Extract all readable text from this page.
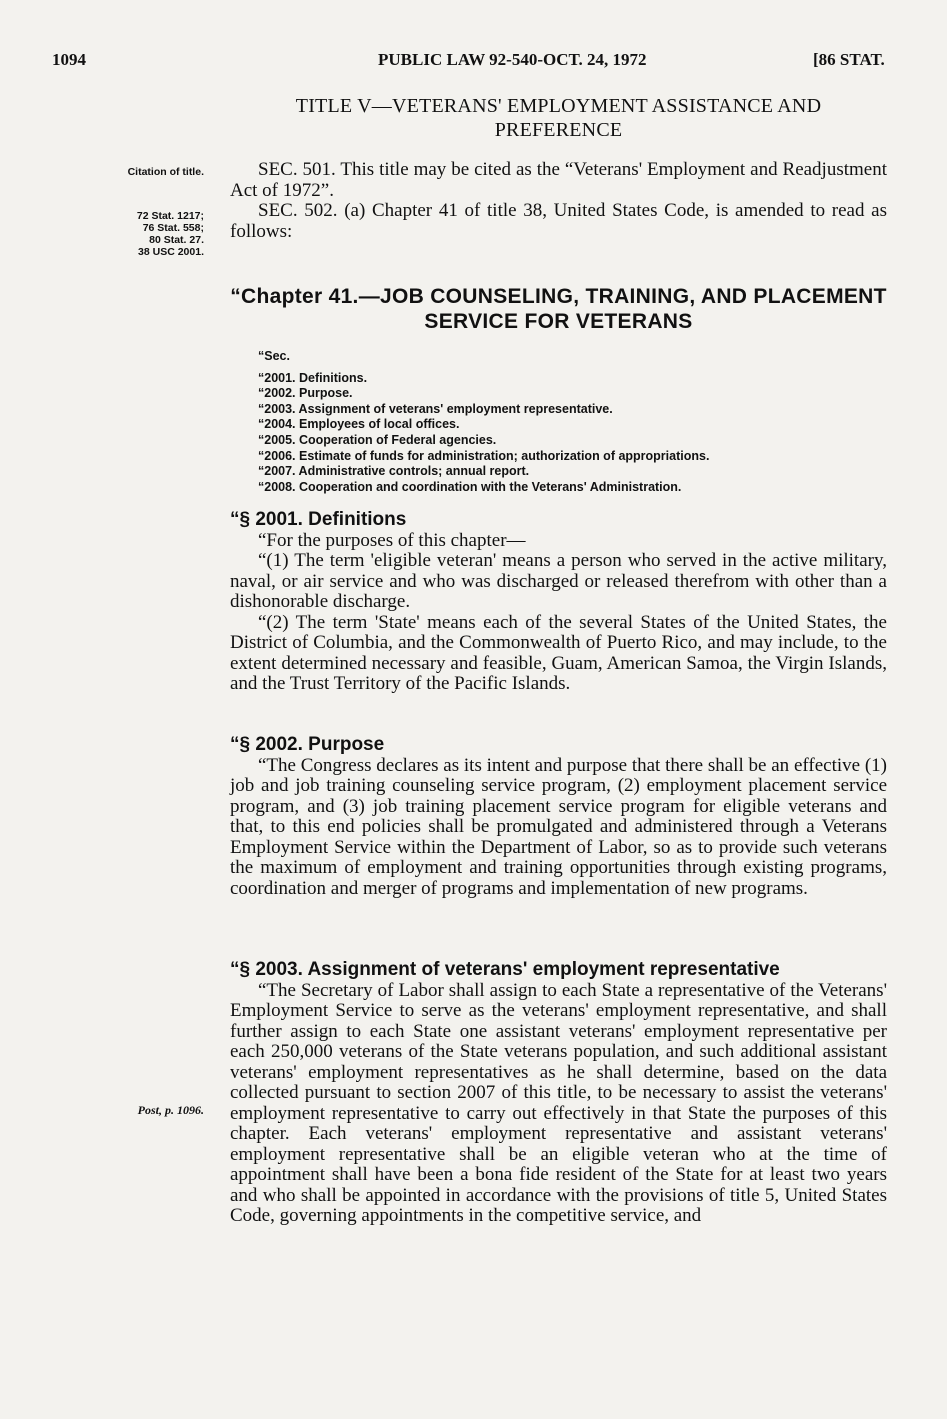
1094	PUBLIC LAW 92-540-OCT. 24, 1972	[86 STAT.
Citation of title.
72 Stat. 1217;
76 Stat. 558;
80 Stat. 27.
38 USC 2001.
Post, p. 1096.
TITLE V—VETERANS' EMPLOYMENT ASSISTANCE AND PREFERENCE

SEC. 501. This title may be cited as the “Veterans' Employment and Readjustment Act of 1972”.

SEC. 502. (a) Chapter 41 of title 38, United States Code, is amended to read as follows:

“Chapter 41.—JOB COUNSELING, TRAINING, AND PLACEMENT SERVICE FOR VETERANS
“Sec.
“2001. Definitions.
“2002. Purpose.
“2003. Assignment of veterans' employment representative.
“2004. Employees of local offices.
“2005. Cooperation of Federal agencies.
“2006. Estimate of funds for administration; authorization of appropriations.
“2007. Administrative controls; annual report.
“2008. Cooperation and coordination with the Veterans' Administration.

“§ 2001. Definitions

“For the purposes of this chapter—

“(1) The term 'eligible veteran' means a person who served in the active military, naval, or air service and who was discharged or released therefrom with other than a dishonorable discharge.

“(2) The term 'State' means each of the several States of the United States, the District of Columbia, and the Commonwealth of Puerto Rico, and may include, to the extent determined necessary and feasible, Guam, American Samoa, the Virgin Islands, and the Trust Territory of the Pacific Islands.

“§ 2002. Purpose

“The Congress declares as its intent and purpose that there shall be an effective (1) job and job training counseling service program, (2) employment placement service program, and (3) job training placement service program for eligible veterans and that, to this end policies shall be promulgated and administered through a Veterans Employment Service within the Department of Labor, so as to provide such veterans the maximum of employment and training opportunities through existing programs, coordination and merger of programs and implementation of new programs.

“§ 2003. Assignment of veterans' employment representative

“The Secretary of Labor shall assign to each State a representative of the Veterans' Employment Service to serve as the veterans' employment representative, and shall further assign to each State one assistant veterans' employment representative per each 250,000 veterans of the State veterans population, and such additional assistant veterans' employment representatives as he shall determine, based on the data collected pursuant to section 2007 of this title, to be necessary to assist the veterans' employment representative to carry out effectively in that State the purposes of this chapter. Each veterans' employment representative and assistant veterans' employment representative shall be an eligible veteran who at the time of appointment shall have been a bona fide resident of the State for at least two years and who shall be appointed in accordance with the provisions of title 5, United States Code, governing appointments in the competitive service, and
